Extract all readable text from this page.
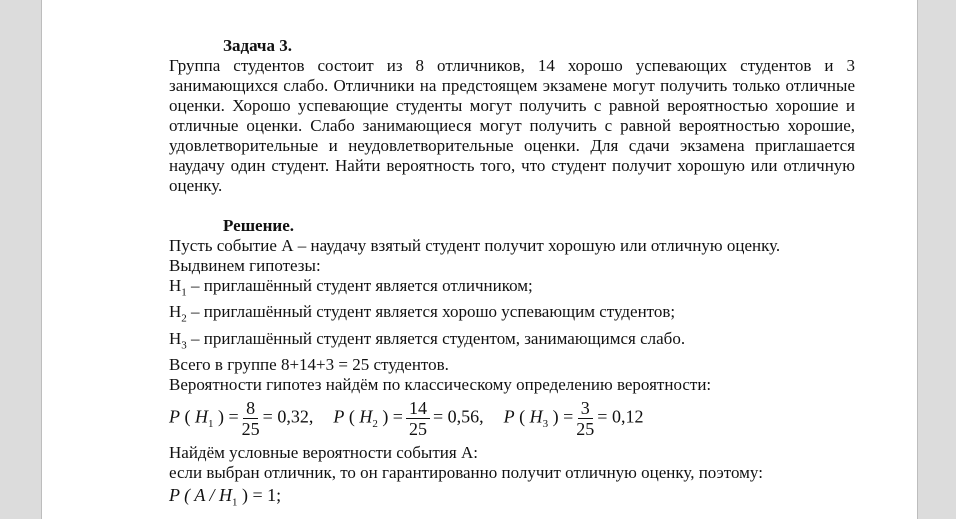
Задача 3.
Группа студентов состоит из 8 отличников, 14 хорошо успевающих студентов и 3 занимающихся слабо. Отличники на предстоящем экзамене могут получить только отличные оценки. Хорошо успевающие студенты могут получить с равной вероятностью хорошие и отличные оценки. Слабо занимающиеся могут получить с равной вероятностью хорошие, удовлетворительные и неудовлетворительные оценки. Для сдачи экзамена приглашается наудачу один студент. Найти вероятность того, что студент получит хорошую или отличную оценку.
Решение.
Пусть событие А – наудачу взятый студент получит хорошую или отличную оценку.
Выдвинем гипотезы:
$H_1$ – приглашённый студент является отличником;
$H_2$ – приглашённый студент является хорошо успевающим студентов;
$H_3$ – приглашённый студент является студентом, занимающимся слабо.
Всего в группе 8+14+3 = 25 студентов.
Вероятности гипотез найдём по классическому определению вероятности:
P ( $H_1$ ) = $\frac{8}{25} = 0,32$, P ( $H_2$ ) = $\frac{14}{25} = 0,56$, P ( $H_3$ ) = $\frac{3}{25} = 0,12$
Найдём условные вероятности события А:
если выбран отличник, то он гарантированно получит отличную оценку, поэтому:
P ( A / $H_1$ ) = 1;
